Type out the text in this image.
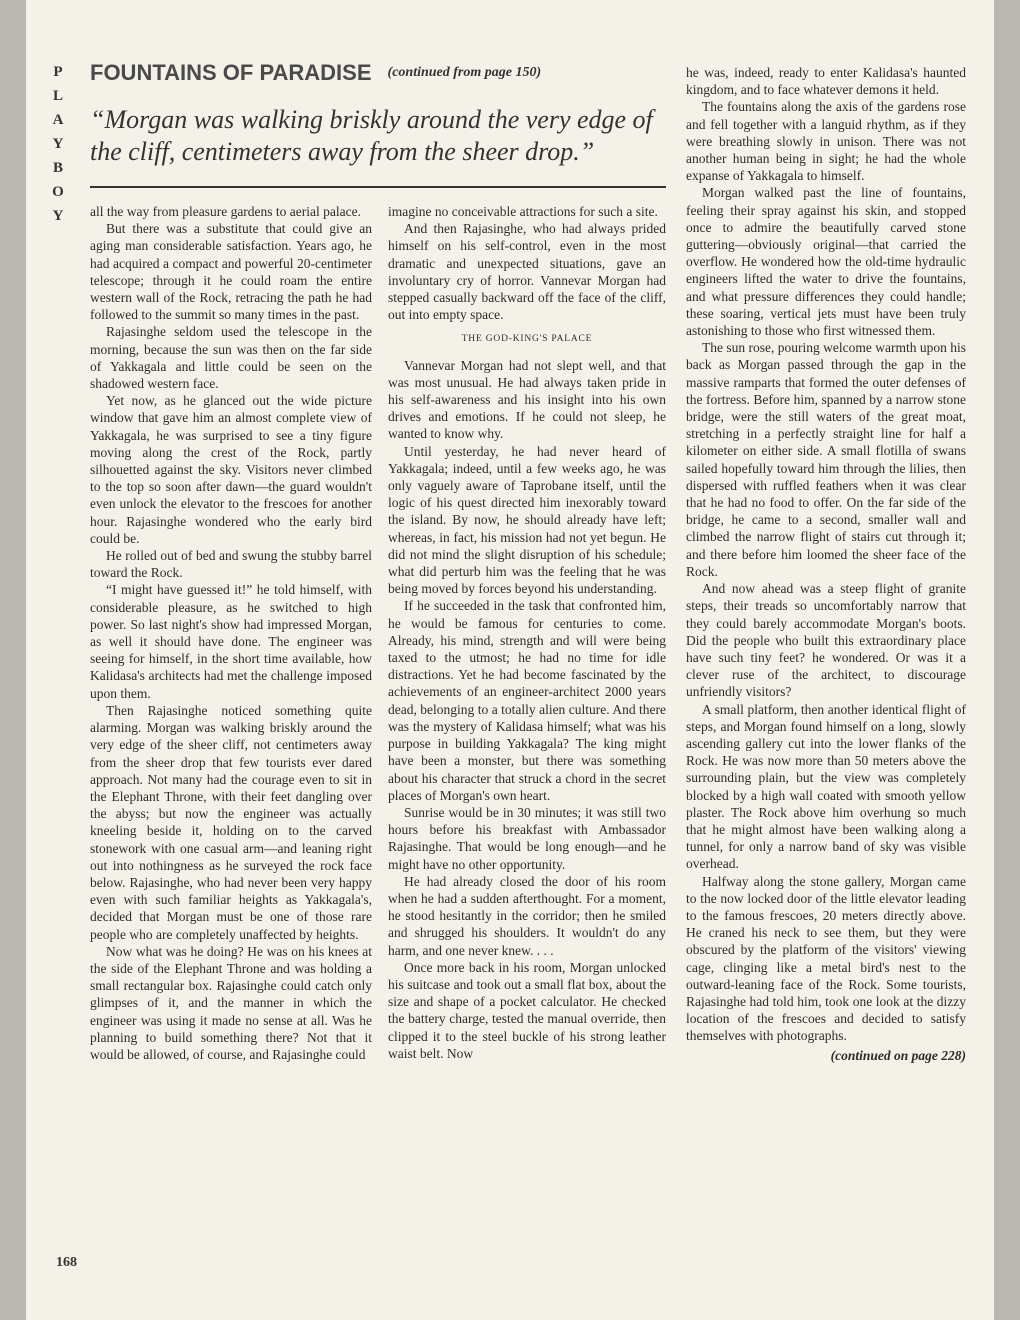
P
L
A
Y
B
O
Y
FOUNTAINS OF PARADISE (continued from page 150)
“Morgan was walking briskly around the very edge of the cliff, centimeters away from the sheer drop.”

all the way from pleasure gardens to aerial palace.

But there was a substitute that could give an aging man considerable satisfaction. Years ago, he had acquired a compact and powerful 20-centimeter telescope; through it he could roam the entire western wall of the Rock, retracing the path he had followed to the summit so many times in the past.

Rajasinghe seldom used the telescope in the morning, because the sun was then on the far side of Yakkagala and little could be seen on the shadowed western face.

Yet now, as he glanced out the wide picture window that gave him an almost complete view of Yakkagala, he was surprised to see a tiny figure moving along the crest of the Rock, partly silhouetted against the sky. Visitors never climbed to the top so soon after dawn—the guard wouldn't even unlock the elevator to the frescoes for another hour. Rajasinghe wondered who the early bird could be.

He rolled out of bed and swung the stubby barrel toward the Rock.

“I might have guessed it!” he told himself, with considerable pleasure, as he switched to high power. So last night's show had impressed Morgan, as well it should have done. The engineer was seeing for himself, in the short time available, how Kalidasa's architects had met the challenge imposed upon them.

Then Rajasinghe noticed something quite alarming. Morgan was walking briskly around the very edge of the sheer cliff, not centimeters away from the sheer drop that few tourists ever dared approach. Not many had the courage even to sit in the Elephant Throne, with their feet dangling over the abyss; but now the engineer was actually kneeling beside it, holding on to the carved stonework with one casual arm—and leaning right out into nothingness as he surveyed the rock face below. Rajasinghe, who had never been very happy even with such familiar heights as Yakkagala's, decided that Morgan must be one of those rare people who are completely unaffected by heights.

Now what was he doing? He was on his knees at the side of the Elephant Throne and was holding a small rectangular box. Rajasinghe could catch only glimpses of it, and the manner in which the engineer was using it made no sense at all. Was he planning to build something there? Not that it would be allowed, of course, and Rajasinghe could

imagine no conceivable attractions for such a site.

And then Rajasinghe, who had always prided himself on his self-control, even in the most dramatic and unexpected situations, gave an involuntary cry of horror. Vannevar Morgan had stepped casually backward off the face of the cliff, out into empty space.

THE GOD-KING'S PALACE

Vannevar Morgan had not slept well, and that was most unusual. He had always taken pride in his self-awareness and his insight into his own drives and emotions. If he could not sleep, he wanted to know why.

Until yesterday, he had never heard of Yakkagala; indeed, until a few weeks ago, he was only vaguely aware of Taprobane itself, until the logic of his quest directed him inexorably toward the island. By now, he should already have left; whereas, in fact, his mission had not yet begun. He did not mind the slight disruption of his schedule; what did perturb him was the feeling that he was being moved by forces beyond his understanding.

If he succeeded in the task that confronted him, he would be famous for centuries to come. Already, his mind, strength and will were being taxed to the utmost; he had no time for idle distractions. Yet he had become fascinated by the achievements of an engineer-architect 2000 years dead, belonging to a totally alien culture. And there was the mystery of Kalidasa himself; what was his purpose in building Yakkagala? The king might have been a monster, but there was something about his character that struck a chord in the secret places of Morgan's own heart.

Sunrise would be in 30 minutes; it was still two hours before his breakfast with Ambassador Rajasinghe. That would be long enough—and he might have no other opportunity.

He had already closed the door of his room when he had a sudden afterthought. For a moment, he stood hesitantly in the corridor; then he smiled and shrugged his shoulders. It wouldn't do any harm, and one never knew. . . .

Once more back in his room, Morgan unlocked his suitcase and took out a small flat box, about the size and shape of a pocket calculator. He checked the battery charge, tested the manual override, then clipped it to the steel buckle of his strong leather waist belt. Now

he was, indeed, ready to enter Kalidasa's haunted kingdom, and to face whatever demons it held.

The fountains along the axis of the gardens rose and fell together with a languid rhythm, as if they were breathing slowly in unison. There was not another human being in sight; he had the whole expanse of Yakkagala to himself.

Morgan walked past the line of fountains, feeling their spray against his skin, and stopped once to admire the beautifully carved stone guttering—obviously original—that carried the overflow. He wondered how the old-time hydraulic engineers lifted the water to drive the fountains, and what pressure differences they could handle; these soaring, vertical jets must have been truly astonishing to those who first witnessed them.

The sun rose, pouring welcome warmth upon his back as Morgan passed through the gap in the massive ramparts that formed the outer defenses of the fortress. Before him, spanned by a narrow stone bridge, were the still waters of the great moat, stretching in a perfectly straight line for half a kilometer on either side. A small flotilla of swans sailed hopefully toward him through the lilies, then dispersed with ruffled feathers when it was clear that he had no food to offer. On the far side of the bridge, he came to a second, smaller wall and climbed the narrow flight of stairs cut through it; and there before him loomed the sheer face of the Rock.

And now ahead was a steep flight of granite steps, their treads so uncomfortably narrow that they could barely accommodate Morgan's boots. Did the people who built this extraordinary place have such tiny feet? he wondered. Or was it a clever ruse of the architect, to discourage unfriendly visitors?

A small platform, then another identical flight of steps, and Morgan found himself on a long, slowly ascending gallery cut into the lower flanks of the Rock. He was now more than 50 meters above the surrounding plain, but the view was completely blocked by a high wall coated with smooth yellow plaster. The Rock above him overhung so much that he might almost have been walking along a tunnel, for only a narrow band of sky was visible overhead.

Halfway along the stone gallery, Morgan came to the now locked door of the little elevator leading to the famous frescoes, 20 meters directly above. He craned his neck to see them, but they were obscured by the platform of the visitors' viewing cage, clinging like a metal bird's nest to the outward-leaning face of the Rock. Some tourists, Rajasinghe had told him, took one look at the dizzy location of the frescoes and decided to satisfy themselves with photographs.

(continued on page 228)
168
